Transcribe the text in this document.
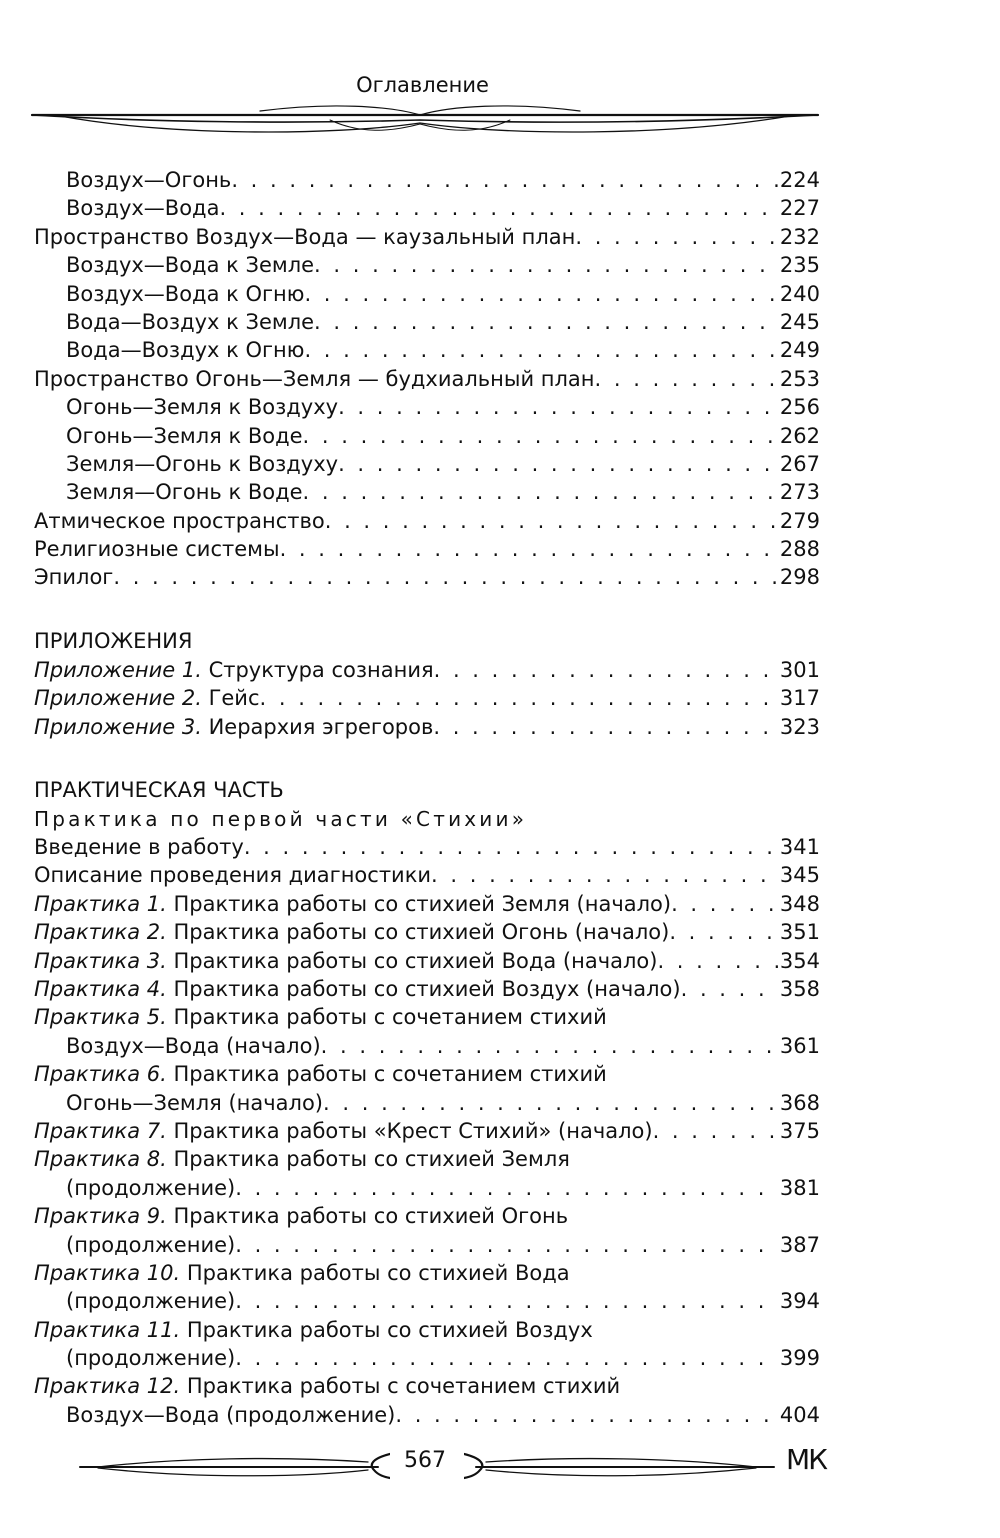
Оглавление
Воздух—Огонь . . .	224
Воздух—Вода . . .	227
Пространство Воздух—Вода — каузальный план . . .	232
Воздух—Вода к Земле . . .	235
Воздух—Вода к Огню . . .	240
Вода—Воздух к Земле . . .	245
Вода—Воздух к Огню . . .	249
Пространство Огонь—Земля — будхиальный план . . .	253
Огонь—Земля к Воздуху . . .	256
Огонь—Земля к Воде . . .	262
Земля—Огонь к Воздуху . . .	267
Земля—Огонь к Воде . . .	273
Атмическое пространство . . .	279
Религиозные системы . . .	288
Эпилог . . .	298
ПРИЛОЖЕНИЯ
Приложение 1. Структура сознания . . .	301
Приложение 2. Гейс . . .	317
Приложение 3. Иерархия эгрегоров . . .	323
ПРАКТИЧЕСКАЯ ЧАСТЬ
Практика по первой части «Стихии»
Введение в работу . . .	341
Описание проведения диагностики . . .	345
Практика 1. Практика работы со стихией Земля (начало) . . .	348
Практика 2. Практика работы со стихией Огонь (начало) . . .	351
Практика 3. Практика работы со стихией Вода (начало) . . .	354
Практика 4. Практика работы со стихией Воздух (начало) . . .	358
Практика 5. Практика работы с сочетанием стихий
Воздух—Вода (начало) . . .	361
Практика 6. Практика работы с сочетанием стихий
Огонь—Земля (начало) . . .	368
Практика 7. Практика работы «Крест Стихий» (начало) . . .	375
Практика 8. Практика работы со стихией Земля
(продолжение) . . .	381
Практика 9. Практика работы со стихией Огонь
(продолжение) . . .	387
Практика 10. Практика работы со стихией Вода
(продолжение) . . .	394
Практика 11. Практика работы со стихией Воздух
(продолжение) . . .	399
Практика 12. Практика работы с сочетанием стихий
Воздух—Вода (продолжение) . . .	404
567	МК
